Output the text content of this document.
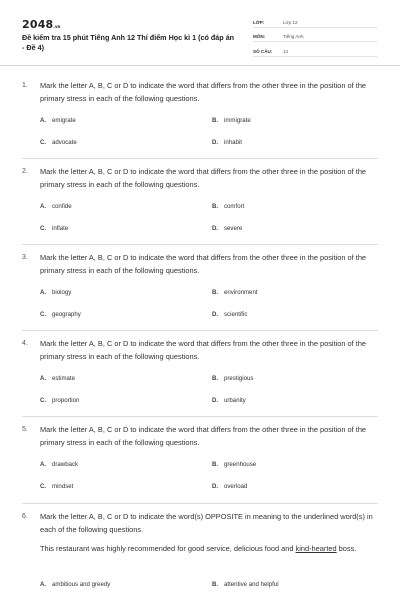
2048.vn
Đề kiểm tra 15 phút Tiếng Anh 12 Thí điểm Học kì 1 (có đáp án - Đề 4)
LỚP:	Lớp 12
MÔN:	Tiếng Anh
SỐ CÂU:	14
1. Mark the letter A, B, C or D to indicate the word that differs from the other three in the position of the primary stress in each of the following questions.
A. emigrate	B. immigrate
C. advocate	D. inhabit
2. Mark the letter A, B, C or D to indicate the word that differs from the other three in the position of the primary stress in each of the following questions.
A. confide	B. comfort
C. inflate	D. severe
3. Mark the letter A, B, C or D to indicate the word that differs from the other three in the position of the primary stress in each of the following questions.
A. biology	B. environment
C. geography	D. scientific
4. Mark the letter A, B, C or D to indicate the word that differs from the other three in the position of the primary stress in each of the following questions.
A. estimate	B. prestigious
C. proportion	D. urbanity
5. Mark the letter A, B, C or D to indicate the word that differs from the other three in the position of the primary stress in each of the following questions.
A. drawback	B. greenhouse
C. mindset	D. overload
6. Mark the letter A, B, C or D to indicate the word(s) OPPOSITE in meaning to the underlined word(s) in each of the following questions.
This restaurant was highly recommended for good service, delicious food and kind-hearted boss.
A. ambitious and greedy	B. attentive and helpful
